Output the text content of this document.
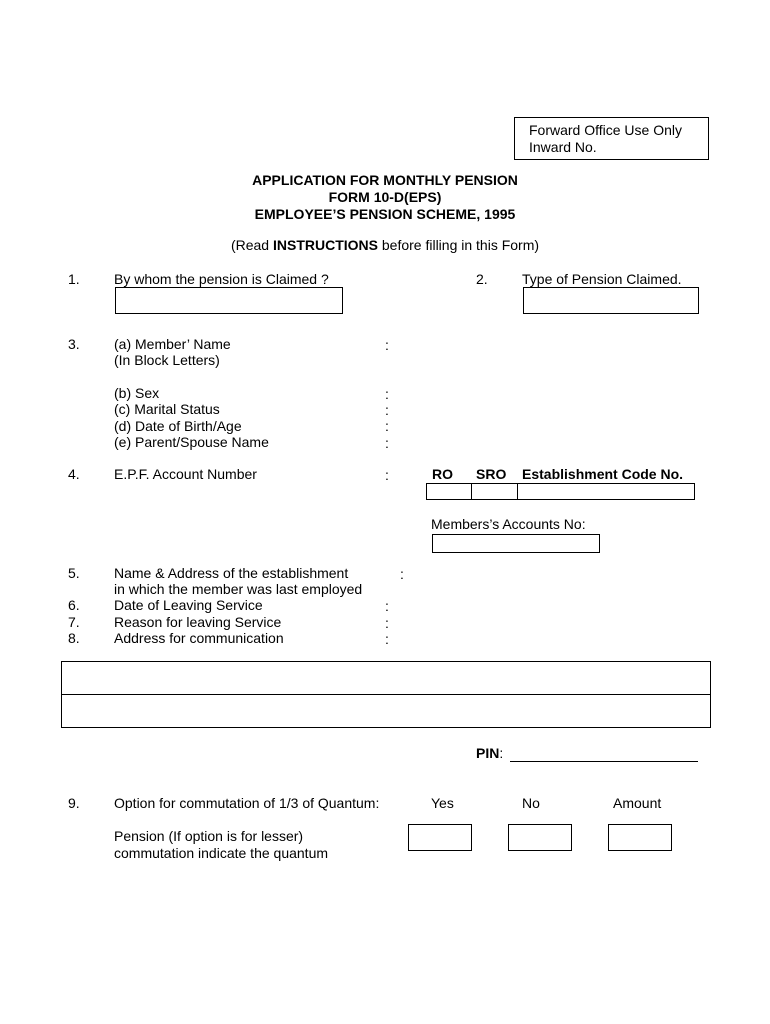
Forward Office Use Only
Inward No.
APPLICATION FOR MONTHLY PENSION
FORM 10-D(EPS)
EMPLOYEE’S PENSION SCHEME, 1995
(Read INSTRUCTIONS before filling in this Form)
1. By whom the pension is Claimed ?	2. Type of Pension Claimed.
3. (a) Member’ Name
(In Block Letters)
:
(b) Sex	:
(c) Marital Status	:
(d) Date of Birth/Age	:
(e) Parent/Spouse Name	:
4. E.P.F. Account Number	:	RO SRO Establishment Code No.
Members’s Accounts No:
5. Name & Address of the establishment
in which the member was last employed
:
6. Date of Leaving Service	:
7. Reason for leaving Service	:
8. Address for communication	:
PIN:
9. Option for commutation of 1/3 of Quantum:	Yes	No	Amount
Pension (If option is for lesser)
commutation indicate the quantum
